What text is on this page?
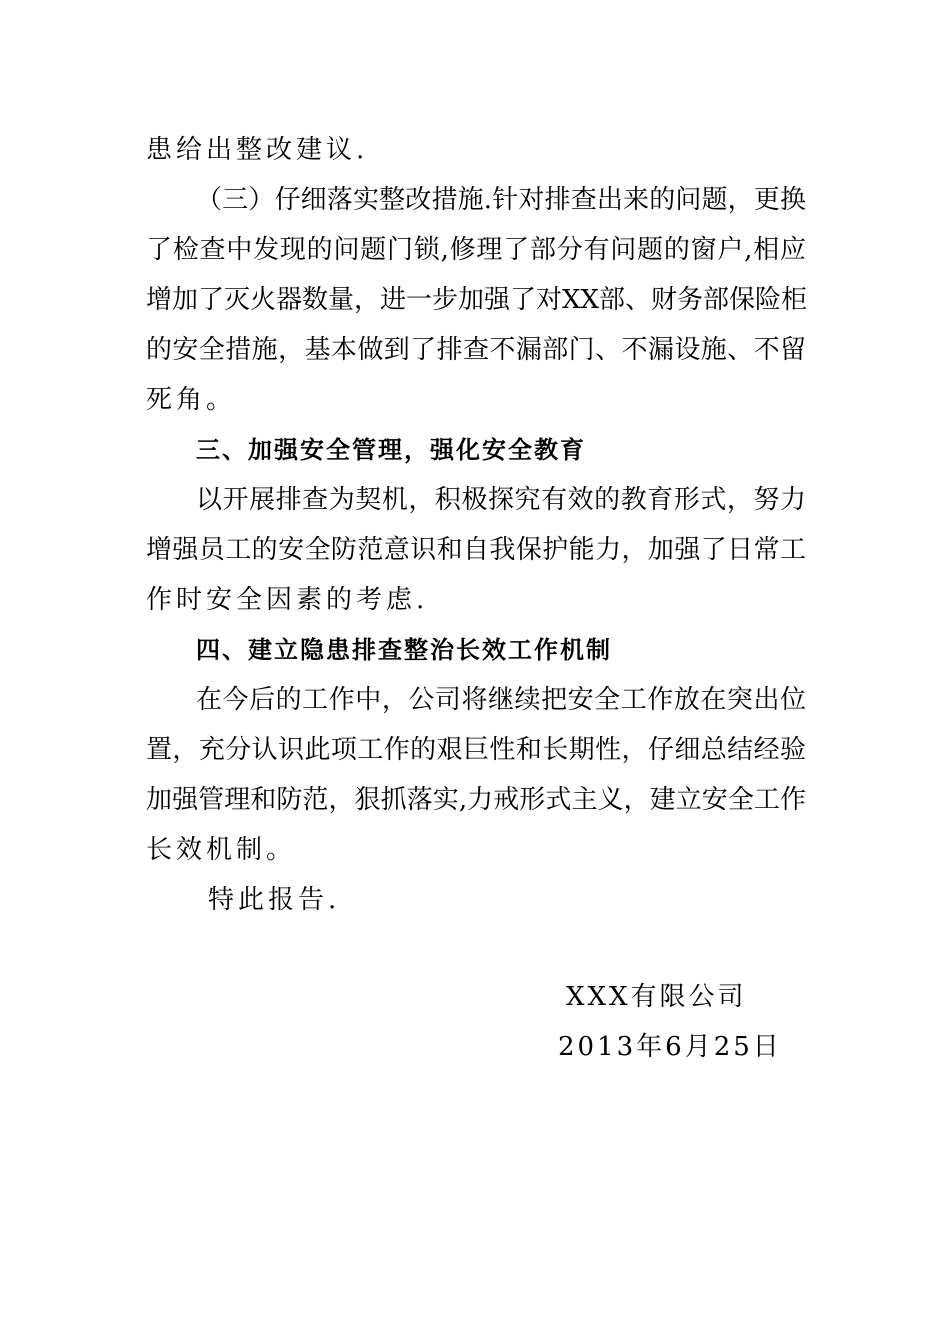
患给出整改建议.
（三）仔细落实整改措施.针对排查出来的问题，更换
了检查中发现的问题门锁,修理了部分有问题的窗户,相应
增加了灭火器数量，进一步加强了对XX部、财务部保险柜
的安全措施，基本做到了排查不漏部门、不漏设施、不留
死角。
三、加强安全管理，强化安全教育
以开展排查为契机，积极探究有效的教育形式，努力
增强员工的安全防范意识和自我保护能力，加强了日常工
作时安全因素的考虑.
四、建立隐患排查整治长效工作机制
在今后的工作中，公司将继续把安全工作放在突出位
置，充分认识此项工作的艰巨性和长期性，仔细总结经验
加强管理和防范，狠抓落实,力戒形式主义，建立安全工作
长效机制。
特此报告.
XXX有限公司
2013年6月25日
